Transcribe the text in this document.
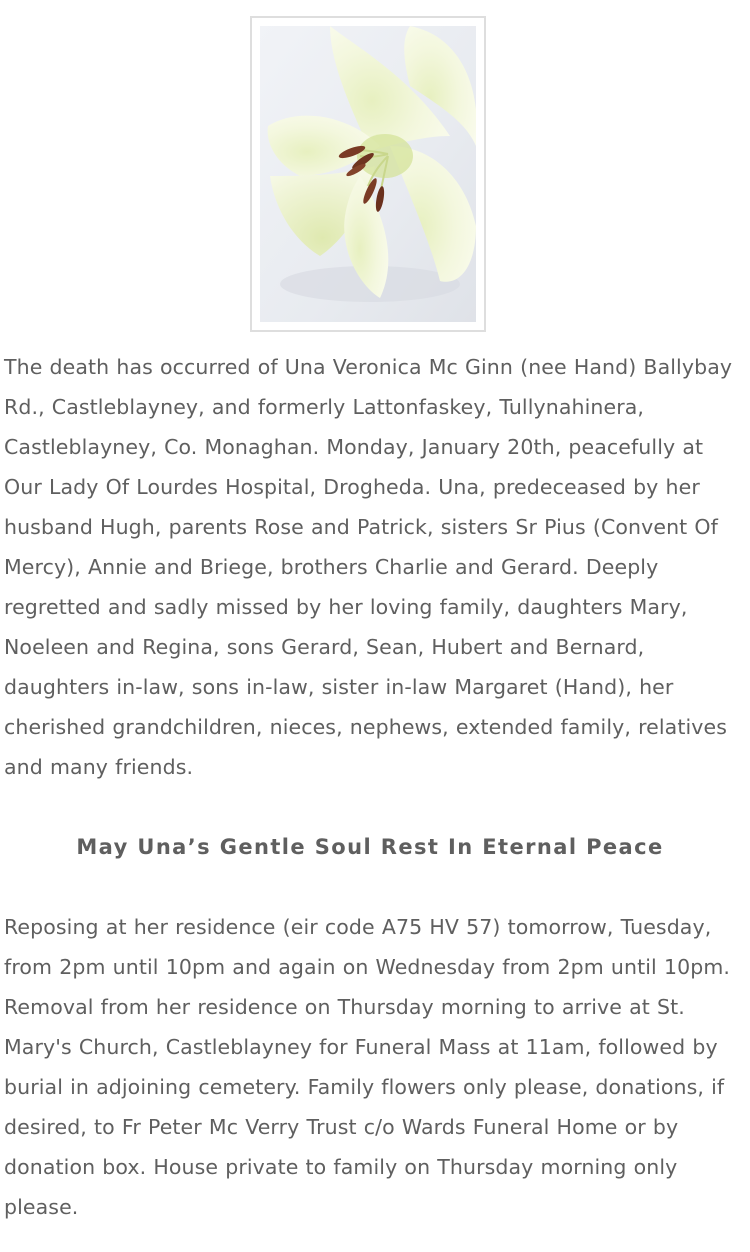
The death has occurred of Una Veronica Mc Ginn (nee Hand) Ballybay Rd., Castleblayney, and formerly Lattonfaskey, Tullynahinera, Castleblayney, Co. Monaghan. Monday, January 20th, peacefully at Our Lady Of Lourdes Hospital, Drogheda. Una, predeceased by her husband Hugh, parents Rose and Patrick, sisters Sr Pius (Convent Of Mercy), Annie and Briege, brothers Charlie and Gerard. Deeply regretted and sadly missed by her loving family, daughters Mary, Noeleen and Regina, sons Gerard, Sean, Hubert and Bernard, daughters in-law, sons in-law, sister in-law Margaret (Hand), her cherished grandchildren, nieces, nephews, extended family, relatives and many friends.

May Una’s Gentle Soul Rest In Eternal Peace

Reposing at her residence (eir code A75 HV 57) tomorrow, Tuesday, from 2pm until 10pm and again on Wednesday from 2pm until 10pm. Removal from her residence on Thursday morning to arrive at St. Mary's Church, Castleblayney for Funeral Mass at 11am, followed by burial in adjoining cemetery. Family flowers only please, donations, if desired, to Fr Peter Mc Verry Trust c/o Wards Funeral Home or by donation box. House private to family on Thursday morning only please.
